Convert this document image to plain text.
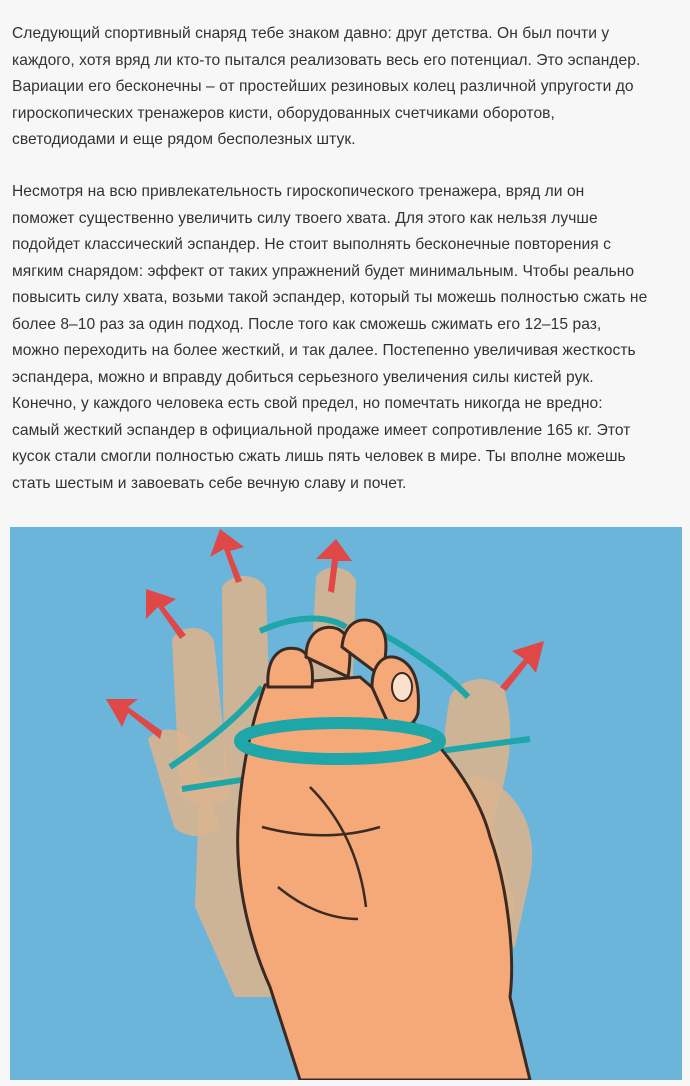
Следующий спортивный снаряд тебе знаком давно: друг детства. Он был почти у

каждого, хотя вряд ли кто-то пытался реализовать весь его потенциал. Это эспандер.

Вариации его бесконечны – от простейших резиновых колец различной упругости до

гироскопических тренажеров кисти, оборудованных счетчиками оборотов,

светодиодами и еще рядом бесполезных штук.

Несмотря на всю привлекательность гироскопического тренажера, вряд ли он

поможет существенно увеличить силу твоего хвата. Для этого как нельзя лучше

подойдет классический эспандер. Не стоит выполнять бесконечные повторения с

мягким снарядом: эффект от таких упражнений будет минимальным. Чтобы реально

повысить силу хвата, возьми такой эспандер, который ты можешь полностью сжать не

более 8–10 раз за один подход. После того как сможешь сжимать его 12–15 раз,

можно переходить на более жесткий, и так далее. Постепенно увеличивая жесткость

эспандера, можно и вправду добиться серьезного увеличения силы кистей рук.

Конечно, у каждого человека есть свой предел, но помечтать никогда не вредно:

самый жесткий эспандер в официальной продаже имеет сопротивление 165 кг. Этот

кусок стали смогли полностью сжать лишь пять человек в мире. Ты вполне можешь

стать шестым и завоевать себе вечную славу и почет.
